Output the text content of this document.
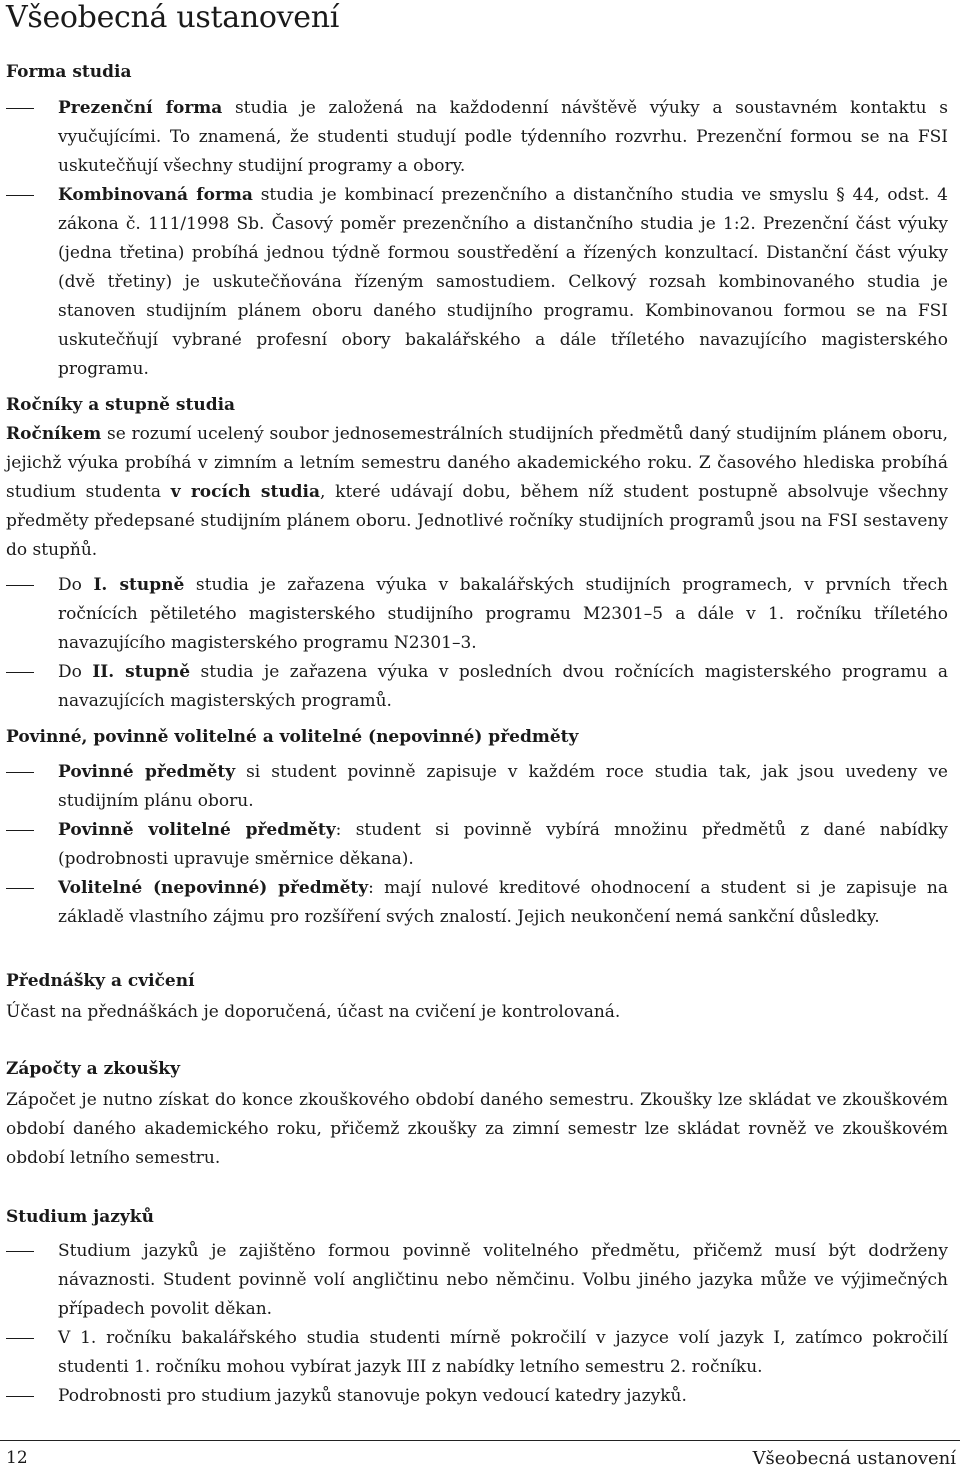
Všeobecná ustanovení
Forma studia
Prezenční forma studia je založená na každodenní návštěvě výuky a soustavném kontaktu s vyučujícími. To znamená, že studenti studují podle týdenního rozvrhu. Prezenční formou se na FSI uskutečňují všechny studijní programy a obory.
Kombinovaná forma studia je kombinací prezenčního a distančního studia ve smyslu § 44, odst. 4 zákona č. 111/1998 Sb. Časový poměr prezenčního a distančního studia je 1:2. Prezenční část výuky (jedna třetina) probíhá jednou týdně formou soustředění a řízených konzultací. Distanční část výuky (dvě třetiny) je uskutečňována řízeným samostudiem. Celkový rozsah kombinovaného studia je stanoven studijním plánem oboru daného studijního programu. Kombinovanou formou se na FSI uskutečňují vybrané profesní obory bakalářského a dále tříletého navazujícího magisterského programu.
Ročníky a stupně studia

Ročníkem se rozumí ucelený soubor jednosemestrálních studijních předmětů daný studijním plánem oboru, jejichž výuka probíhá v zimním a letním semestru daného akademického roku. Z časového hlediska probíhá studium studenta v rocích studia, které udávají dobu, během níž student postupně absolvuje všechny předměty předepsané studijním plánem oboru. Jednotlivé ročníky studijních programů jsou na FSI sestaveny do stupňů.

Do I. stupně studia je zařazena výuka v bakalářských studijních programech, v prvních třech ročnících pětiletého magisterského studijního programu M2301–5 a dále v 1. ročníku tříletého navazujícího magisterského programu N2301–3.
Do II. stupně studia je zařazena výuka v posledních dvou ročnících magisterského programu a navazujících magisterských programů.
Povinné, povinně volitelné a volitelné (nepovinné) předměty
Povinné předměty si student povinně zapisuje v každém roce studia tak, jak jsou uvedeny ve studijním plánu oboru.
Povinně volitelné předměty: student si povinně vybírá množinu předmětů z dané nabídky (podrobnosti upravuje směrnice děkana).
Volitelné (nepovinné) předměty: mají nulové kreditové ohodnocení a student si je zapisuje na základě vlastního zájmu pro rozšíření svých znalostí. Jejich neukončení nemá sankční důsledky.
Přednášky a cvičení

Účast na přednáškách je doporučená, účast na cvičení je kontrolovaná.

Zápočty a zkoušky

Zápočet je nutno získat do konce zkouškového období daného semestru. Zkoušky lze skládat ve zkouškovém období daného akademického roku, přičemž zkoušky za zimní semestr lze skládat rovněž ve zkouškovém období letního semestru.

Studium jazyků
Studium jazyků je zajištěno formou povinně volitelného předmětu, přičemž musí být dodrženy návaznosti. Student povinně volí angličtinu nebo němčinu. Volbu jiného jazyka může ve výjimečných případech povolit děkan.
V 1. ročníku bakalářského studia studenti mírně pokročilí v jazyce volí jazyk I, zatímco pokročilí studenti 1. ročníku mohou vybírat jazyk III z nabídky letního semestru 2. ročníku.
Podrobnosti pro studium jazyků stanovuje pokyn vedoucí katedry jazyků.
12	Všeobecná ustanovení
